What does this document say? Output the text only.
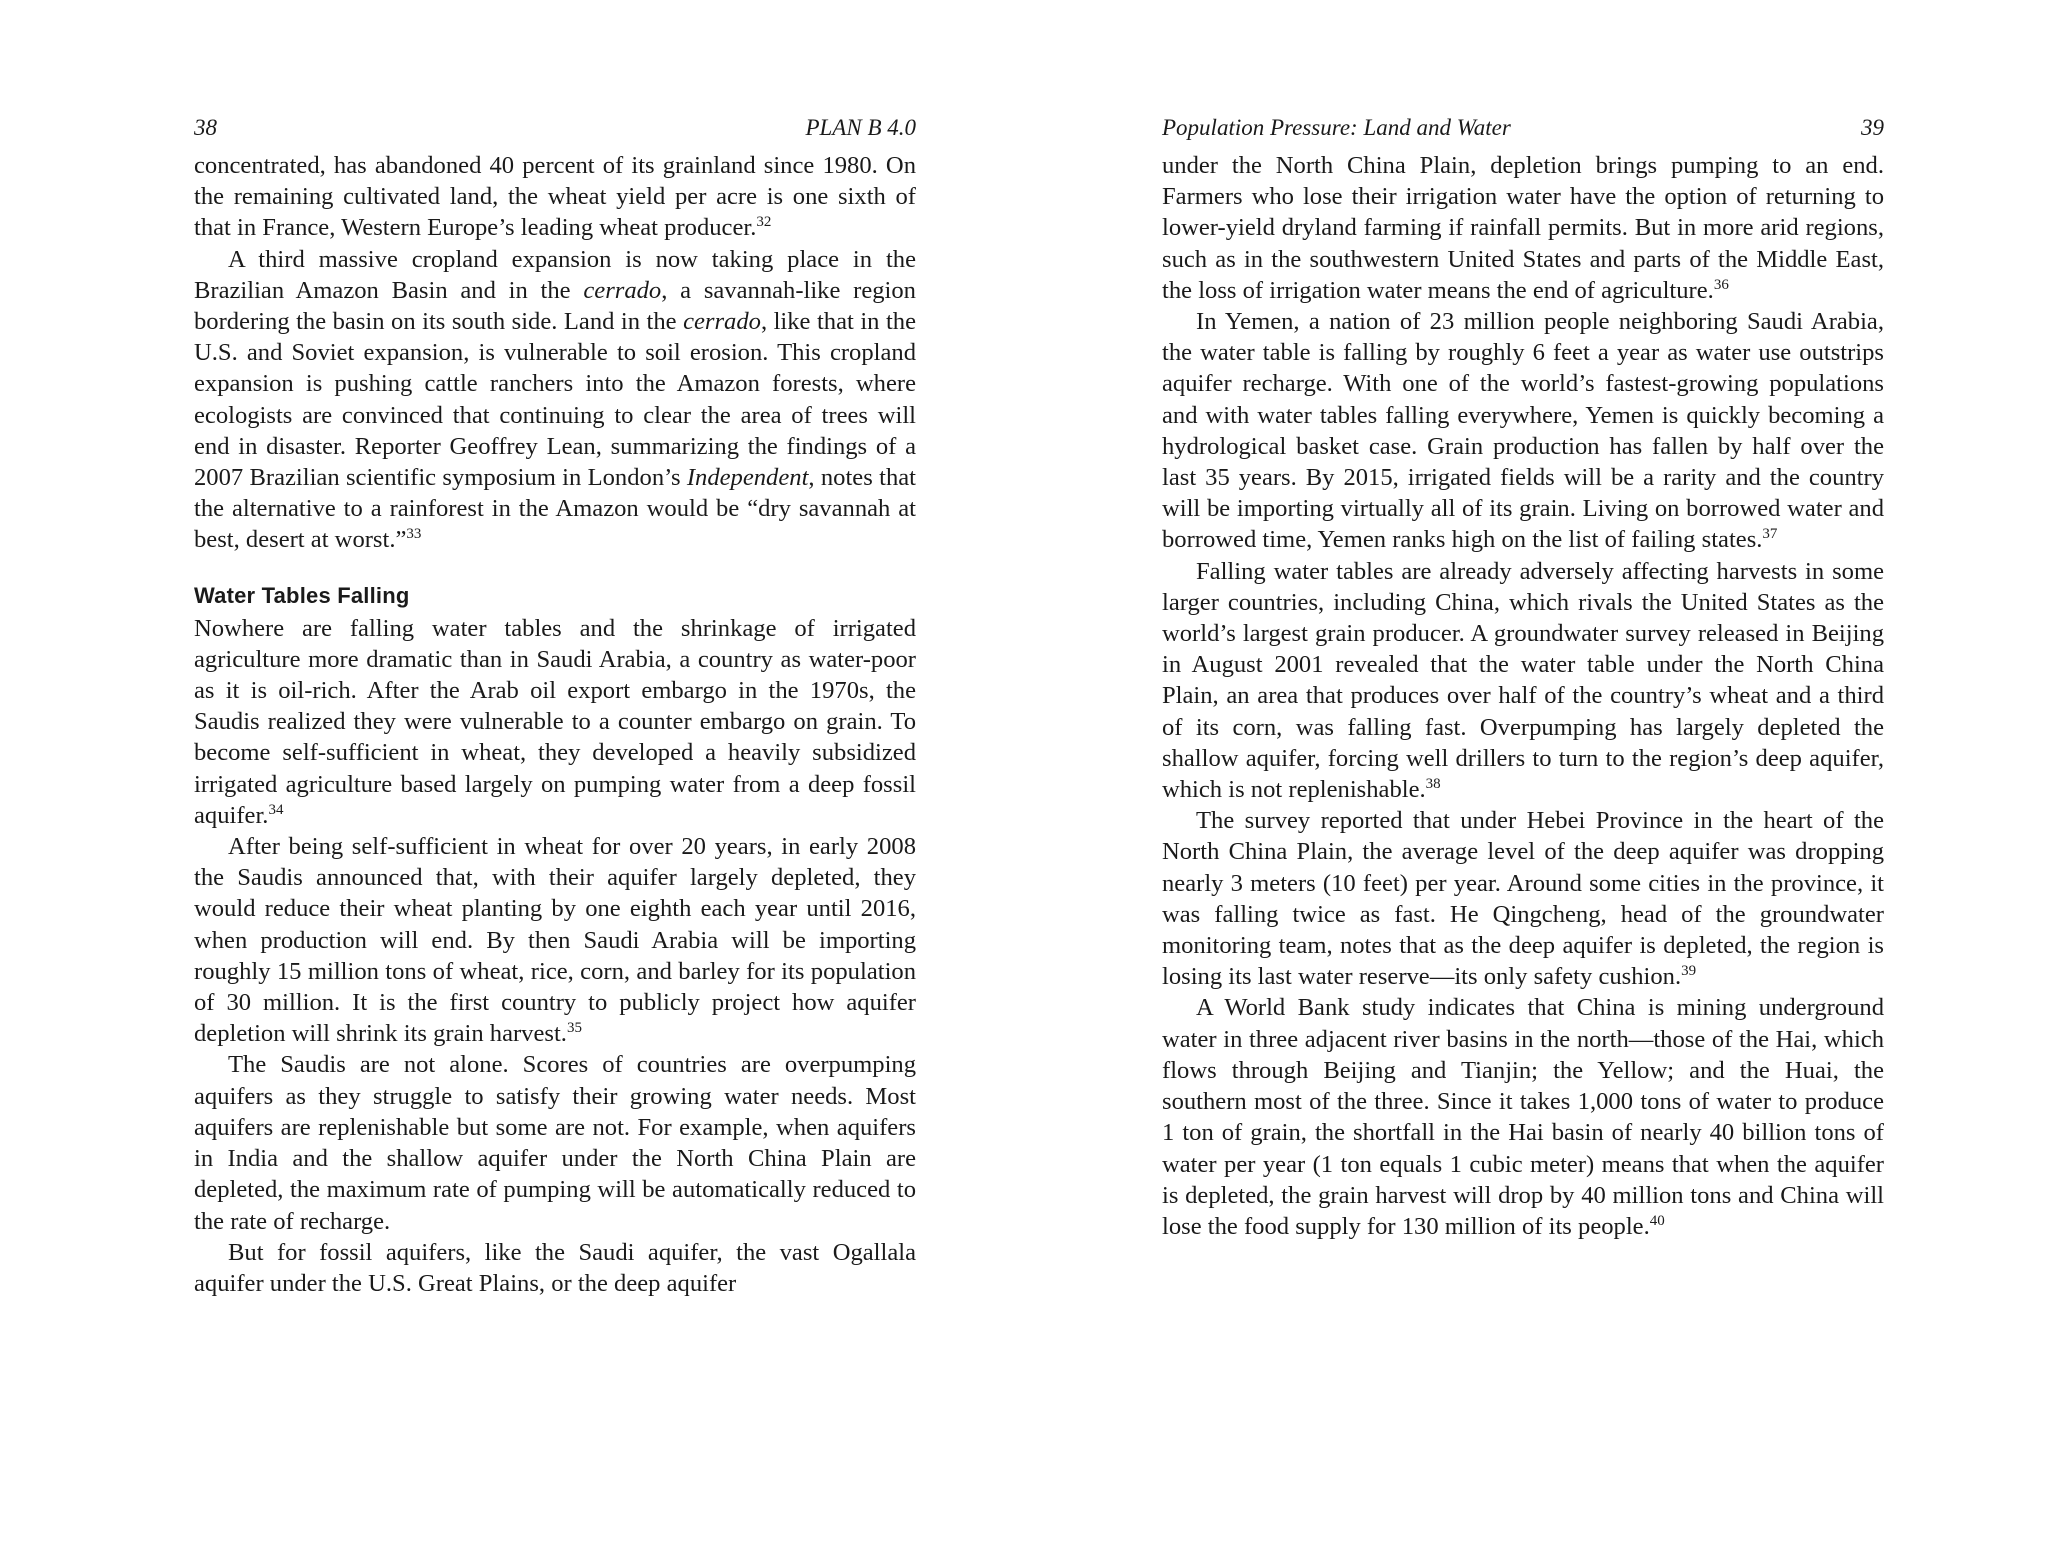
38	PLAN B 4.0

concentrated, has abandoned 40 percent of its grainland since 1980. On the remaining cultivated land, the wheat yield per acre is one sixth of that in France, Western Europe’s leading wheat producer.$^{32}$

A third massive cropland expansion is now taking place in the Brazilian Amazon Basin and in the cerrado, a savannah-like region bordering the basin on its south side. Land in the cerrado, like that in the U.S. and Soviet expansion, is vulnerable to soil erosion. This cropland expansion is pushing cattle ranchers into the Amazon forests, where ecologists are convinced that continuing to clear the area of trees will end in disaster. Reporter Geoffrey Lean, summarizing the findings of a 2007 Brazilian scientific symposium in London’s Independent, notes that the alternative to a rainforest in the Amazon would be “dry savannah at best, desert at worst.”$^{33}$

Water Tables Falling

Nowhere are falling water tables and the shrinkage of irrigated agriculture more dramatic than in Saudi Arabia, a country as water-poor as it is oil-rich. After the Arab oil export embargo in the 1970s, the Saudis realized they were vulnerable to a counter embargo on grain. To become self-sufficient in wheat, they developed a heavily subsidized irrigated agriculture based largely on pumping water from a deep fossil aquifer.$^{34}$

After being self-sufficient in wheat for over 20 years, in early 2008 the Saudis announced that, with their aquifer largely depleted, they would reduce their wheat planting by one eighth each year until 2016, when production will end. By then Saudi Arabia will be importing roughly 15 million tons of wheat, rice, corn, and barley for its population of 30 million. It is the first country to publicly project how aquifer depletion will shrink its grain harvest.$^{35}$

The Saudis are not alone. Scores of countries are overpumping aquifers as they struggle to satisfy their growing water needs. Most aquifers are replenishable but some are not. For example, when aquifers in India and the shallow aquifer under the North China Plain are depleted, the maximum rate of pumping will be automatically reduced to the rate of recharge.

But for fossil aquifers, like the Saudi aquifer, the vast Ogallala aquifer under the U.S. Great Plains, or the deep aquifer

Population Pressure: Land and Water	39

under the North China Plain, depletion brings pumping to an end. Farmers who lose their irrigation water have the option of returning to lower-yield dryland farming if rainfall permits. But in more arid regions, such as in the southwestern United States and parts of the Middle East, the loss of irrigation water means the end of agriculture.$^{36}$

In Yemen, a nation of 23 million people neighboring Saudi Arabia, the water table is falling by roughly 6 feet a year as water use outstrips aquifer recharge. With one of the world’s fastest-growing populations and with water tables falling everywhere, Yemen is quickly becoming a hydrological basket case. Grain production has fallen by half over the last 35 years. By 2015, irrigated fields will be a rarity and the country will be importing virtually all of its grain. Living on borrowed water and borrowed time, Yemen ranks high on the list of failing states.$^{37}$

Falling water tables are already adversely affecting harvests in some larger countries, including China, which rivals the United States as the world’s largest grain producer. A groundwater survey released in Beijing in August 2001 revealed that the water table under the North China Plain, an area that produces over half of the country’s wheat and a third of its corn, was falling fast. Overpumping has largely depleted the shallow aquifer, forcing well drillers to turn to the region’s deep aquifer, which is not replenishable.$^{38}$

The survey reported that under Hebei Province in the heart of the North China Plain, the average level of the deep aquifer was dropping nearly 3 meters (10 feet) per year. Around some cities in the province, it was falling twice as fast. He Qingcheng, head of the groundwater monitoring team, notes that as the deep aquifer is depleted, the region is losing its last water reserve—its only safety cushion.$^{39}$

A World Bank study indicates that China is mining underground water in three adjacent river basins in the north—those of the Hai, which flows through Beijing and Tianjin; the Yellow; and the Huai, the southern most of the three. Since it takes 1,000 tons of water to produce 1 ton of grain, the shortfall in the Hai basin of nearly 40 billion tons of water per year (1 ton equals 1 cubic meter) means that when the aquifer is depleted, the grain harvest will drop by 40 million tons and China will lose the food supply for 130 million of its people.$^{40}$
